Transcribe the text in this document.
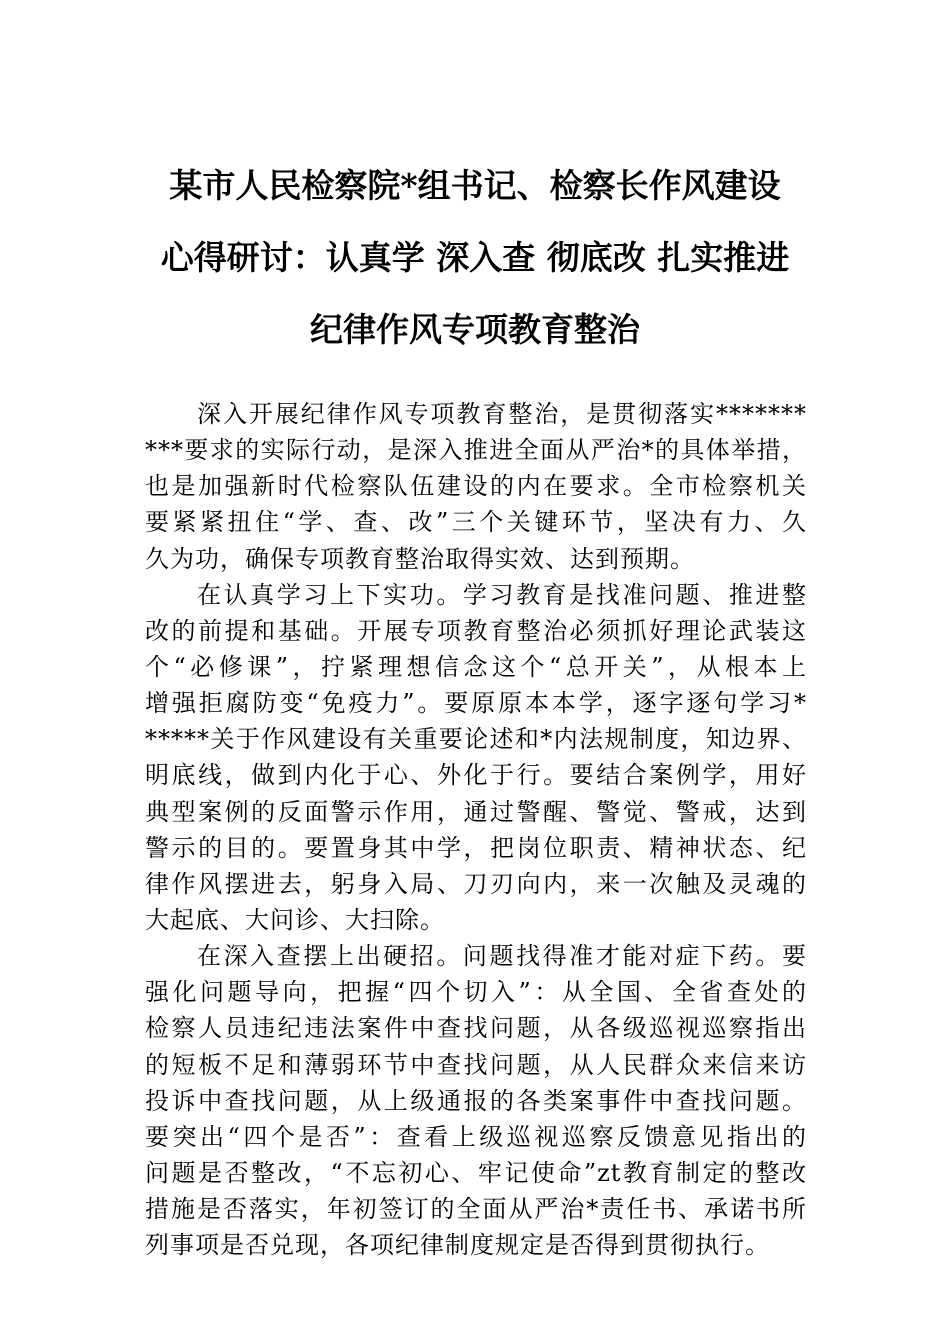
某市人民检察院*组书记、检察长作风建设
心得研讨：认真学 深入查 彻底改 扎实推进
纪律作风专项教育整治
深入开展纪律作风专项教育整治，是贯彻落实*******
***要求的实际行动，是深入推进全面从严治*的具体举措，
也是加强新时代检察队伍建设的内在要求。全市检察机关
要紧紧扭住“学、查、改”三个关键环节，坚决有力、久
久为功，确保专项教育整治取得实效、达到预期。
在认真学习上下实功。学习教育是找准问题、推进整
改的前提和基础。开展专项教育整治必须抓好理论武装这
个“必修课”，拧紧理想信念这个“总开关”，从根本上
增强拒腐防变“免疫力”。要原原本本学，逐字逐句学习*
*****关于作风建设有关重要论述和*内法规制度，知边界、
明底线，做到内化于心、外化于行。要结合案例学，用好
典型案例的反面警示作用，通过警醒、警觉、警戒，达到
警示的目的。要置身其中学，把岗位职责、精神状态、纪
律作风摆进去，躬身入局、刀刃向内，来一次触及灵魂的
大起底、大问诊、大扫除。
在深入查摆上出硬招。问题找得准才能对症下药。要
强化问题导向，把握“四个切入”：从全国、全省查处的
检察人员违纪违法案件中查找问题，从各级巡视巡察指出
的短板不足和薄弱环节中查找问题，从人民群众来信来访
投诉中查找问题，从上级通报的各类案事件中查找问题。
要突出“四个是否”：查看上级巡视巡察反馈意见指出的
问题是否整改，“不忘初心、牢记使命”zt教育制定的整改
措施是否落实，年初签订的全面从严治*责任书、承诺书所
列事项是否兑现，各项纪律制度规定是否得到贯彻执行。
